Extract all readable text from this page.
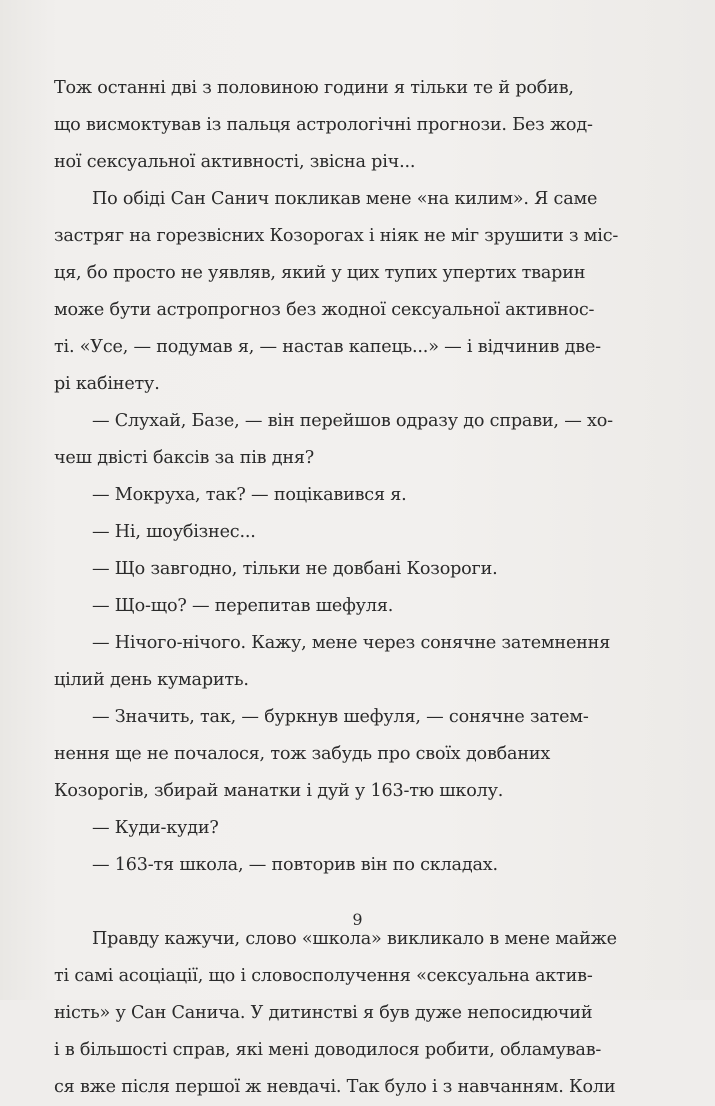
Тож останні дві з половиною години я тільки те й робив,
що висмоктував із пальця астрологічні прогнози. Без жод-
ної сексуальної активності, звісна річ...
По обіді Сан Санич покликав мене «на килим». Я саме
застряг на горезвісних Козорогах і ніяк не міг зрушити з міс-
ця, бо просто не уявляв, який у цих тупих упертих тварин
може бути астропрогноз без жодної сексуальної активнос-
ті. «Усе, — подумав я, — настав капець...» — і відчинив две-
рі кабінету.
— Слухай, Базе, — він перейшов одразу до справи, — хо-
чеш двісті баксів за пів дня?
— Мокруха, так? — поцікавився я.
— Ні, шоубізнес...
— Що завгодно, тільки не довбані Козороги.
— Що-що? — перепитав шефуля.
— Нічого-нічого. Кажу, мене через сонячне затемнення
цілий день кумарить.
— Значить, так, — буркнув шефуля, — сонячне затем-
нення ще не почалося, тож забудь про своїх довбаних
Козорогів, збирай манатки і дуй у 163-тю школу.
— Куди-куди?
— 163-тя школа, — повторив він по складах.
Правду кажучи, слово «школа» викликало в мене майже
ті самі асоціації, що і словосполучення «сексуальна актив-
ність» у Сан Санича. У дитинстві я був дуже непосидючий
і в більшості справ, які мені доводилося робити, обламував-
ся вже після першої ж невдачі. Так було і з навчанням. Коли
9
